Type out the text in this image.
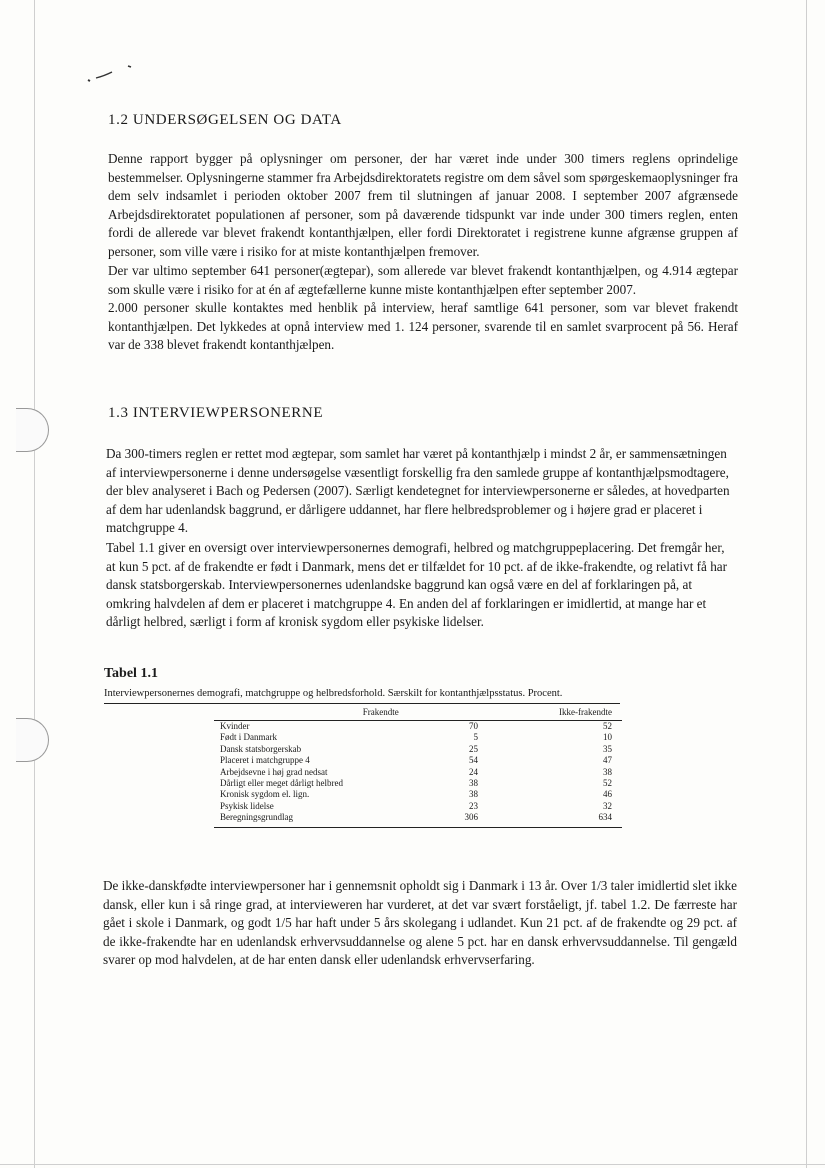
1.2 UNDERSØGELSEN OG DATA

Denne rapport bygger på oplysninger om personer, der har været inde under 300 timers reglens oprindelige bestemmelser. Oplysningerne stammer fra Arbejdsdirektoratets registre om dem såvel som spørgeskemaoplysninger fra dem selv indsamlet i perioden oktober 2007 frem til slutningen af januar 2008. I september 2007 afgrænsede Arbejdsdirektoratet populationen af personer, som på daværende tidspunkt var inde under 300 timers reglen, enten fordi de allerede var blevet frakendt kontanthjælpen, eller fordi Direktoratet i registrene kunne afgrænse gruppen af personer, som ville være i risiko for at miste kontanthjælpen fremover.

Der var ultimo september 641 personer(ægtepar), som allerede var blevet frakendt kontanthjælpen, og 4.914 ægtepar som skulle være i risiko for at én af ægtefællerne kunne miste kontanthjælpen efter september 2007.

2.000 personer skulle kontaktes med henblik på interview, heraf samtlige 641 personer, som var blevet frakendt kontanthjælpen. Det lykkedes at opnå interview med 1. 124 personer, svarende til en samlet svarprocent på 56. Heraf var de 338 blevet frakendt kontanthjælpen.

1.3 INTERVIEWPERSONERNE

Da 300-timers reglen er rettet mod ægtepar, som samlet har været på kontanthjælp i mindst 2 år, er sammensætningen af interviewpersonerne i denne undersøgelse væsentligt forskellig fra den samlede gruppe af kontanthjælpsmodtagere, der blev analyseret i Bach og Pedersen (2007). Særligt kendetegnet for interviewpersonerne er således, at hovedparten af dem har udenlandsk baggrund, er dårligere uddannet, har flere helbredsproblemer og i højere grad er placeret i matchgruppe 4.

Tabel 1.1 giver en oversigt over interviewpersonernes demografi, helbred og matchgruppeplacering. Det fremgår her, at kun 5 pct. af de frakendte er født i Danmark, mens det er tilfældet for 10 pct. af de ikke-frakendte, og relativt få har dansk statsborgerskab. Interviewpersonernes udenlandske baggrund kan også være en del af forklaringen på, at omkring halvdelen af dem er placeret i matchgruppe 4. En anden del af forklaringen er imidlertid, at mange har et dårligt helbred, særligt i form af kronisk sygdom eller psykiske lidelser.

Tabel 1.1

Interviewpersonernes demografi, matchgruppe og helbredsforhold. Særskilt for kontanthjælpsstatus. Procent.

	Frakendte	Ikke-frakendte
Kvinder	70	52
Født i Danmark	5	10
Dansk statsborgerskab	25	35
Placeret i matchgruppe 4	54	47
Arbejdsevne i høj grad nedsat	24	38
Dårligt eller meget dårligt helbred	38	52
Kronisk sygdom el. lign.	38	46
Psykisk lidelse	23	32
Beregningsgrundlag	306	634

De ikke-danskfødte interviewpersoner har i gennemsnit opholdt sig i Danmark i 13 år. Over 1/3 taler imidlertid slet ikke dansk, eller kun i så ringe grad, at intervieweren har vurderet, at det var svært forståeligt, jf. tabel 1.2. De færreste har gået i skole i Danmark, og godt 1/5 har haft under 5 års skolegang i udlandet. Kun 21 pct. af de frakendte og 29 pct. af de ikke-frakendte har en udenlandsk erhvervsuddannelse og alene 5 pct. har en dansk erhvervsuddannelse. Til gengæld svarer op mod halvdelen, at de har enten dansk eller udenlandsk erhvervserfaring.
